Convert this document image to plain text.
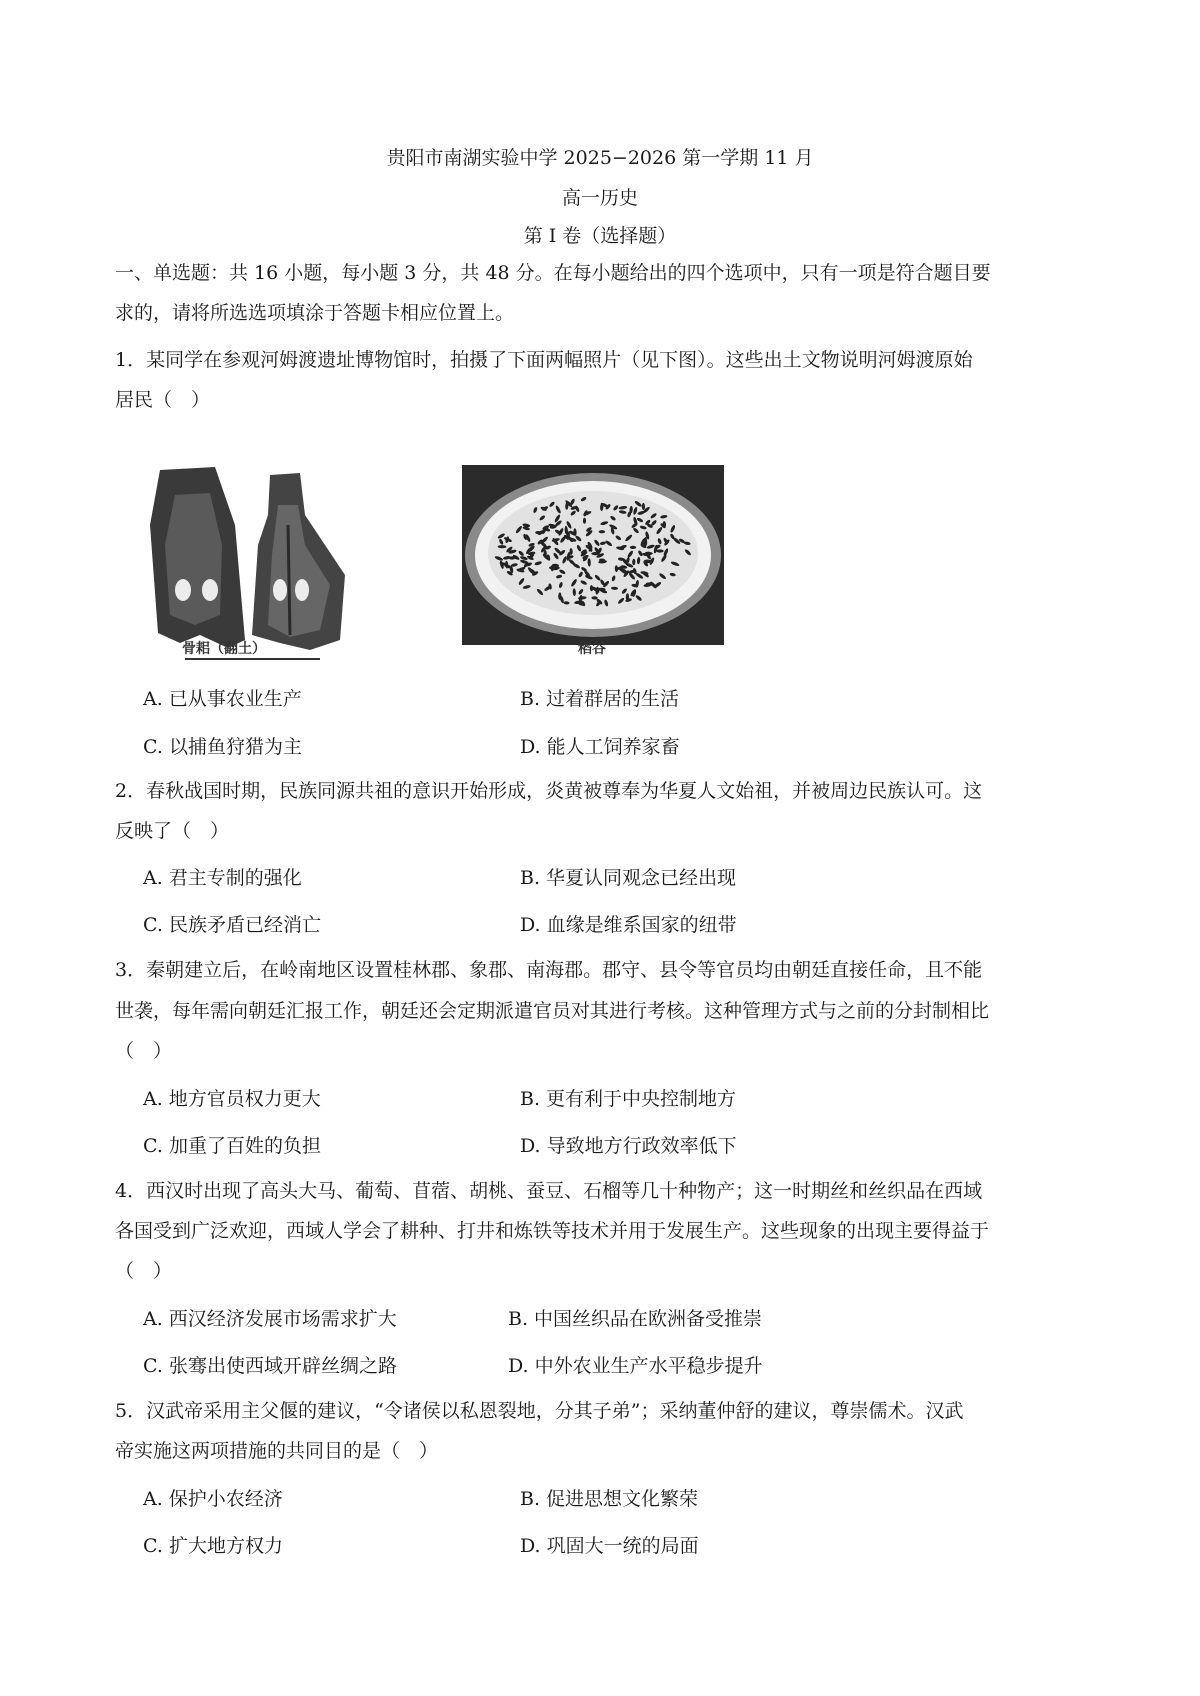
贵阳市南湖实验中学 2025−2026 第一学期 11 月
高一历史
第 I 卷（选择题）
一、单选题：共 16 小题，每小题 3 分，共 48 分。在每小题给出的四个选项中，只有一项是符合题目要
求的，请将所选选项填涂于答题卡相应位置上。
1．某同学在参观河姆渡遗址博物馆时，拍摄了下面两幅照片（见下图）。这些出土文物说明河姆渡原始
居民（　）
骨耜（翻土）	稻谷
A. 已从事农业生产	B. 过着群居的生活
C. 以捕鱼狩猎为主	D. 能人工饲养家畜
2．春秋战国时期，民族同源共祖的意识开始形成，炎黄被尊奉为华夏人文始祖，并被周边民族认可。这
反映了（　）
A. 君主专制的强化	B. 华夏认同观念已经出现
C. 民族矛盾已经消亡	D. 血缘是维系国家的纽带
3．秦朝建立后，在岭南地区设置桂林郡、象郡、南海郡。郡守、县令等官员均由朝廷直接任命，且不能
世袭，每年需向朝廷汇报工作，朝廷还会定期派遣官员对其进行考核。这种管理方式与之前的分封制相比
（　）
A. 地方官员权力更大	B. 更有利于中央控制地方
C. 加重了百姓的负担	D. 导致地方行政效率低下
4．西汉时出现了高头大马、葡萄、苜蓿、胡桃、蚕豆、石榴等几十种物产；这一时期丝和丝织品在西域
各国受到广泛欢迎，西域人学会了耕种、打井和炼铁等技术并用于发展生产。这些现象的出现主要得益于
（　）
A. 西汉经济发展市场需求扩大	B. 中国丝织品在欧洲备受推崇
C. 张骞出使西域开辟丝绸之路	D. 中外农业生产水平稳步提升
5．汉武帝采用主父偃的建议，“令诸侯以私恩裂地，分其子弟”；采纳董仲舒的建议，尊崇儒术。汉武
帝实施这两项措施的共同目的是（　）
A. 保护小农经济	B. 促进思想文化繁荣
C. 扩大地方权力	D. 巩固大一统的局面
